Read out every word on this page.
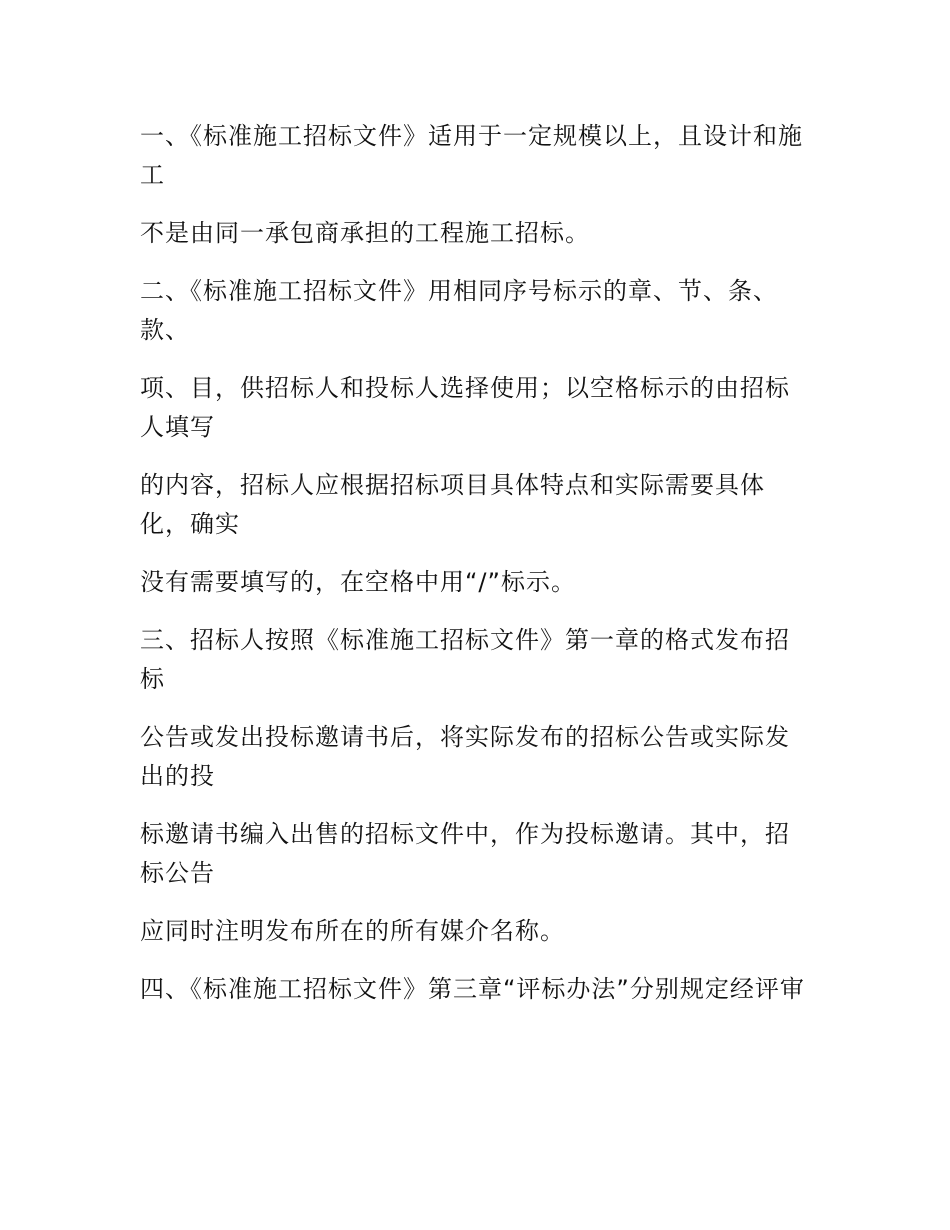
一、《标准施工招标文件》适用于一定规模以上，且设计和施工

不是由同一承包商承担的工程施工招标。

二、《标准施工招标文件》用相同序号标示的章、节、条、款、

项、目，供招标人和投标人选择使用；以空格标示的由招标人填写

的内容，招标人应根据招标项目具体特点和实际需要具体化，确实

没有需要填写的，在空格中用“/”标示。

三、招标人按照《标准施工招标文件》第一章的格式发布招标

公告或发出投标邀请书后，将实际发布的招标公告或实际发出的投

标邀请书编入出售的招标文件中，作为投标邀请。其中，招标公告

应同时注明发布所在的所有媒介名称。

四、《标准施工招标文件》第三章“评标办法”分别规定经评审
